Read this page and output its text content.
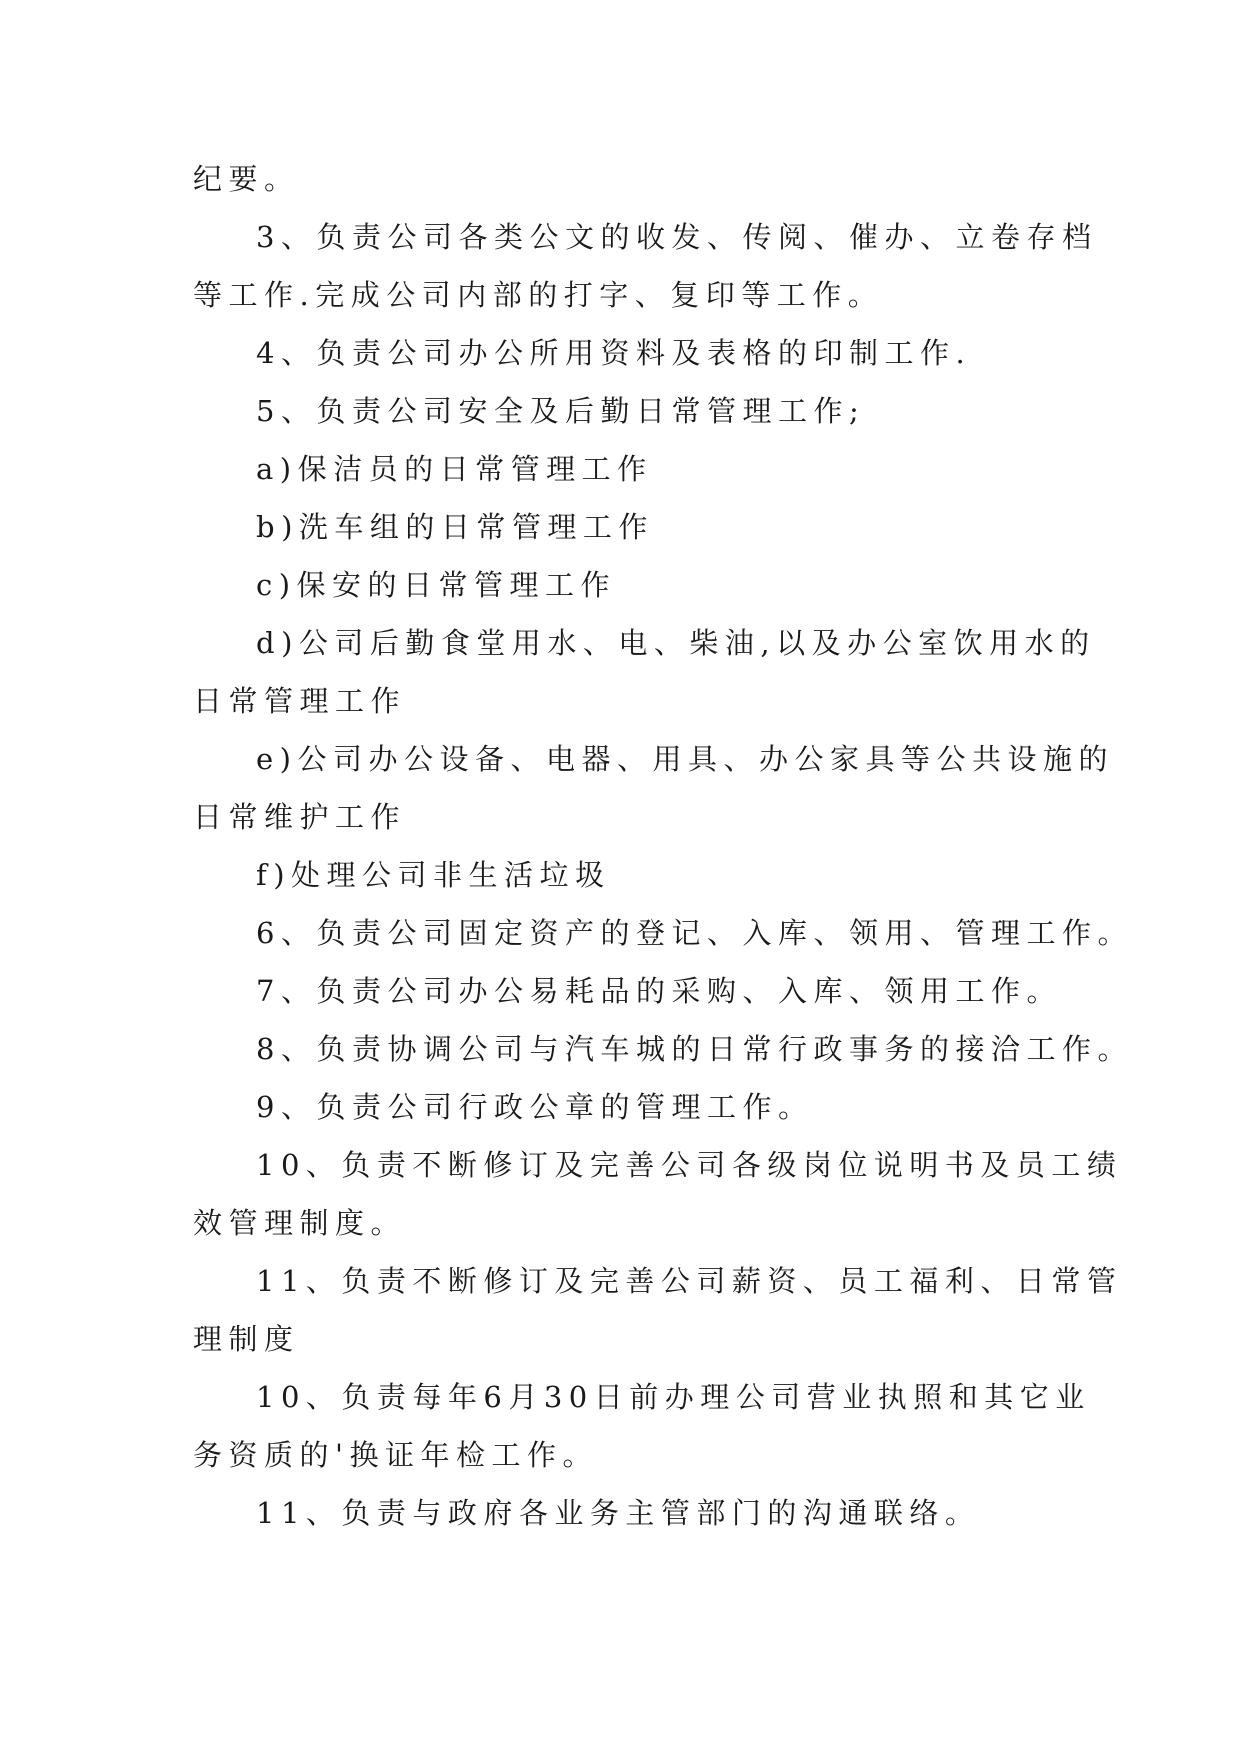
纪要。
3、负责公司各类公文的收发、传阅、催办、立卷存档
等工作.完成公司内部的打字、复印等工作。
4、负责公司办公所用资料及表格的印制工作.
5、负责公司安全及后勤日常管理工作;
a)保洁员的日常管理工作
b)洗车组的日常管理工作
c)保安的日常管理工作
d)公司后勤食堂用水、电、柴油,以及办公室饮用水的
日常管理工作
e)公司办公设备、电器、用具、办公家具等公共设施的
日常维护工作
f)处理公司非生活垃圾
6、负责公司固定资产的登记、入库、领用、管理工作。
7、负责公司办公易耗品的采购、入库、领用工作。
8、负责协调公司与汽车城的日常行政事务的接洽工作。
9、负责公司行政公章的管理工作。
10、负责不断修订及完善公司各级岗位说明书及员工绩
效管理制度。
11、负责不断修订及完善公司薪资、员工福利、日常管
理制度
10、负责每年6月30日前办理公司营业执照和其它业
务资质的'换证年检工作。
11、负责与政府各业务主管部门的沟通联络。
